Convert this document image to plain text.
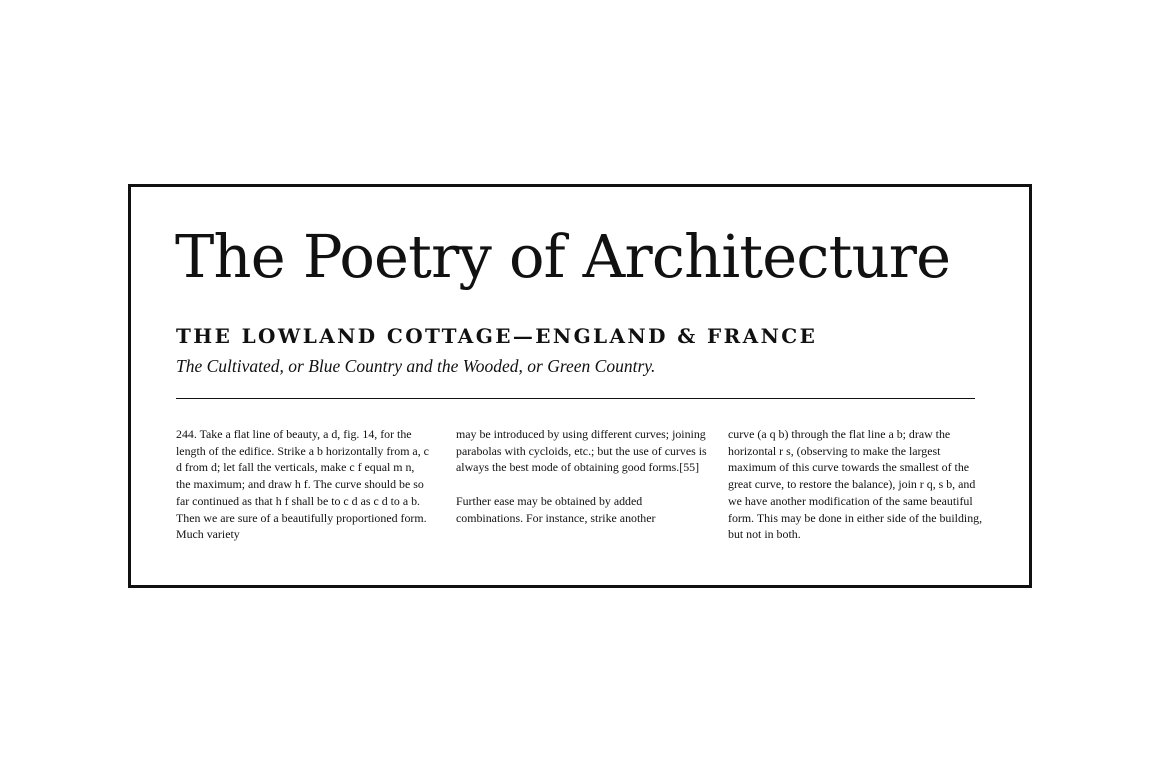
The Poetry of Architecture
THE LOWLAND COTTAGE—ENGLAND & FRANCE

The Cultivated, or Blue Country and the Wooded, or Green Country.

244. Take a flat line of beauty, a d, fig. 14, for the length of the edifice. Strike a b horizontally from a, c d from d; let fall the verticals, make c f equal m n, the maximum; and draw h f. The curve should be so far continued as that h f shall be to c d as c d to a b. Then we are sure of a beautifully proportioned form. Much variety

may be introduced by using different curves; joining parabolas with cycloids, etc.; but the use of curves is always the best mode of obtaining good forms.[55]

Further ease may be obtained by added combinations. For instance, strike another

curve (a q b) through the flat line a b; draw the horizontal r s, (observing to make the largest maximum of this curve towards the smallest of the great curve, to restore the balance), join r q, s b, and we have another modification of the same beautiful form. This may be done in either side of the building, but not in both.
